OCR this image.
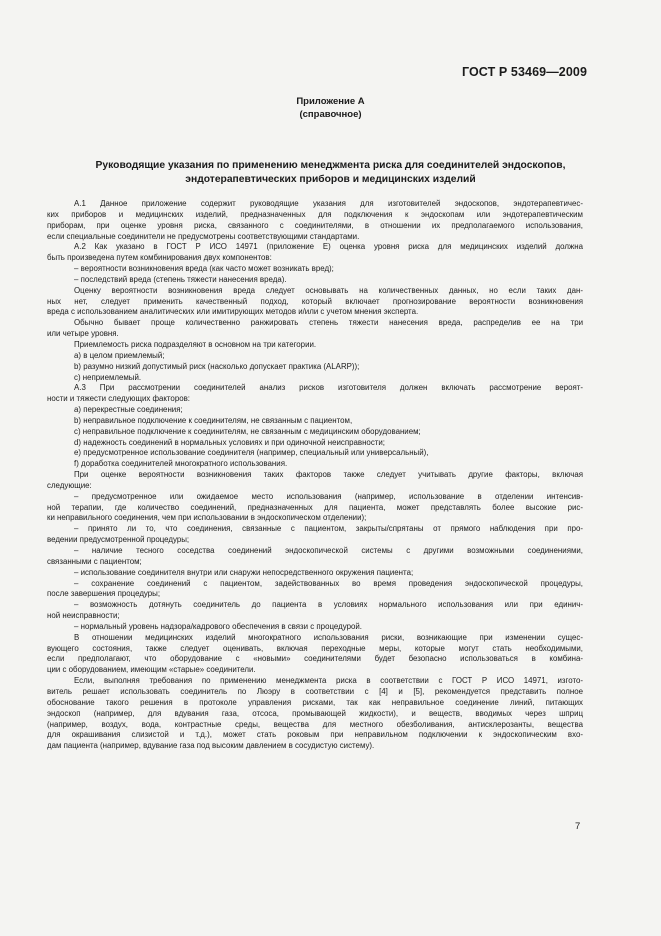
ГОСТ Р 53469—2009
Приложение А
(справочное)
Руководящие указания по применению менеджмента риска для соединителей эндоскопов,
эндотерапевтических приборов и медицинских изделий
А.1 Данное приложение содержит руководящие указания для изготовителей эндоскопов, эндотерапевтичес-
ких приборов и медицинских изделий, предназначенных для подключения к эндоскопам или эндотерапевтическим
приборам, при оценке уровня риска, связанного с соединителями, в отношении их предполагаемого использования,
если специальные соединители не предусмотрены соответствующими стандартами.
А.2 Как указано в ГОСТ Р ИСО 14971 (приложение Е) оценка уровня риска для медицинских изделий должна
быть произведена путем комбинирования двух компонентов:
– вероятности возникновения вреда (как часто может возникать вред);
– последствий вреда (степень тяжести нанесения вреда).
Оценку вероятности возникновения вреда следует основывать на количественных данных, но если таких дан-
ных нет, следует применить качественный подход, который включает прогнозирование вероятности возникновения
вреда с использованием аналитических или имитирующих методов и/или с учетом мнения эксперта.
Обычно бывает проще количественно ранжировать степень тяжести нанесения вреда, распределив ее на три
или четыре уровня.
Приемлемость риска подразделяют в основном на три категории.
a) в целом приемлемый;
b) разумно низкий допустимый риск (насколько допускает практика (ALARP));
c) неприемлемый.
А.3 При рассмотрении соединителей анализ рисков изготовителя должен включать рассмотрение вероят-
ности и тяжести следующих факторов:
a) перекрестные соединения;
b) неправильное подключение к соединителям, не связанным с пациентом,
c) неправильное подключение к соединителям, не связанным с медицинским оборудованием;
d) надежность соединений в нормальных условиях и при одиночной неисправности;
e) предусмотренное использование соединителя (например, специальный или универсальный),
f) доработка соединителей многократного использования.
При оценке вероятности возникновения таких факторов также следует учитывать другие факторы, включая
следующие:
– предусмотренное или ожидаемое место использования (например, использование в отделении интенсив-
ной терапии, где количество соединений, предназначенных для пациента, может представлять более высокие рис-
ки неправильного соединения, чем при использовании в эндоскопическом отделении);
– принято ли то, что соединения, связанные с пациентом, закрыты/спрятаны от прямого наблюдения при про-
ведении предусмотренной процедуры;
– наличие тесного соседства соединений эндоскопической системы с другими возможными соединениями,
связанными с пациентом;
– использование соединителя внутри или снаружи непосредственного окружения пациента;
– сохранение соединений с пациентом, задействованных во время проведения эндоскопической процедуры,
после завершения процедуры;
– возможность дотянуть соединитель до пациента в условиях нормального использования или при единич-
ной неисправности;
– нормальный уровень надзора/кадрового обеспечения в связи с процедурой.
В отношении медицинских изделий многократного использования риски, возникающие при изменении сущес-
вующего состояния, также следует оценивать, включая переходные меры, которые могут стать необходимыми,
если предполагают, что оборудование с «новыми» соединителями будет безопасно использоваться в комбина-
ции с оборудованием, имеющим «старые» соединители.
Если, выполняя требования по применению менеджмента риска в соответствии с ГОСТ Р ИСО 14971, изгото-
витель решает использовать соединитель по Люэру в соответствии с [4] и [5], рекомендуется представить полное
обоснование такого решения в протоколе управления рисками, так как неправильное соединение линий, питающих
эндоскоп (например, для вдувания газа, отсоса, промывающей жидкости), и веществ, вводимых через шприц
(например, воздух, вода, контрастные среды, вещества для местного обезболивания, антисклерозанты, вещества
для окрашивания слизистой и т.д.), может стать роковым при неправильном подключении к эндоскопическим вхо-
дам пациента (например, вдувание газа под высоким давлением в сосудистую систему).
7
